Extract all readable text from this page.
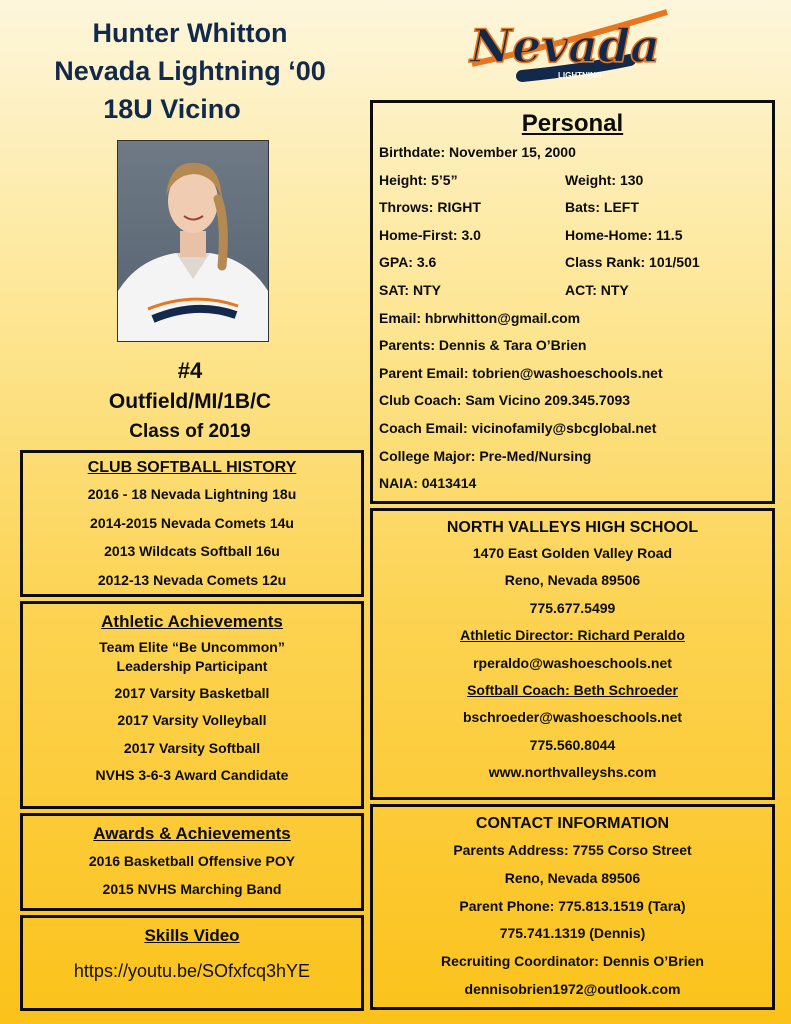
Hunter Whitton
Nevada Lightning ‘00
18U Vicino
Nevada
LIGHTNING
#4
Outfield/MI/1B/C
Class of 2019
Personal
Birthdate: November 15, 2000
Height: 5’5”	Weight: 130
Throws: RIGHT	Bats: LEFT
Home-First: 3.0	Home-Home: 11.5
GPA: 3.6	Class Rank: 101/501
SAT: NTY	ACT: NTY
Email: hbrwhitton@gmail.com
Parents: Dennis & Tara O’Brien
Parent Email: tobrien@washoeschools.net
Club Coach: Sam Vicino 209.345.7093
Coach Email: vicinofamily@sbcglobal.net
College Major: Pre-Med/Nursing
NAIA: 0413414
NORTH VALLEYS HIGH SCHOOL
1470 East Golden Valley Road
Reno, Nevada 89506
775.677.5499
Athletic Director: Richard Peraldo
rperaldo@washoeschools.net
Softball Coach: Beth Schroeder
bschroeder@washoeschools.net
775.560.8044
www.northvalleyshs.com
CONTACT INFORMATION
Parents Address: 7755 Corso Street
Reno, Nevada 89506
Parent Phone: 775.813.1519 (Tara)
775.741.1319 (Dennis)
Recruiting Coordinator: Dennis O’Brien
dennisobrien1972@outlook.com
CLUB SOFTBALL HISTORY
2016 - 18 Nevada Lightning 18u
2014-2015 Nevada Comets 14u
2013 Wildcats Softball 16u
2012-13 Nevada Comets 12u
Athletic Achievements
Team Elite “Be Uncommon”
Leadership Participant
2017 Varsity Basketball
2017 Varsity Volleyball
2017 Varsity Softball
NVHS 3-6-3 Award Candidate
Awards & Achievements
2016 Basketball Offensive POY
2015 NVHS Marching Band
Skills Video
https://youtu.be/SOfxfcq3hYE
